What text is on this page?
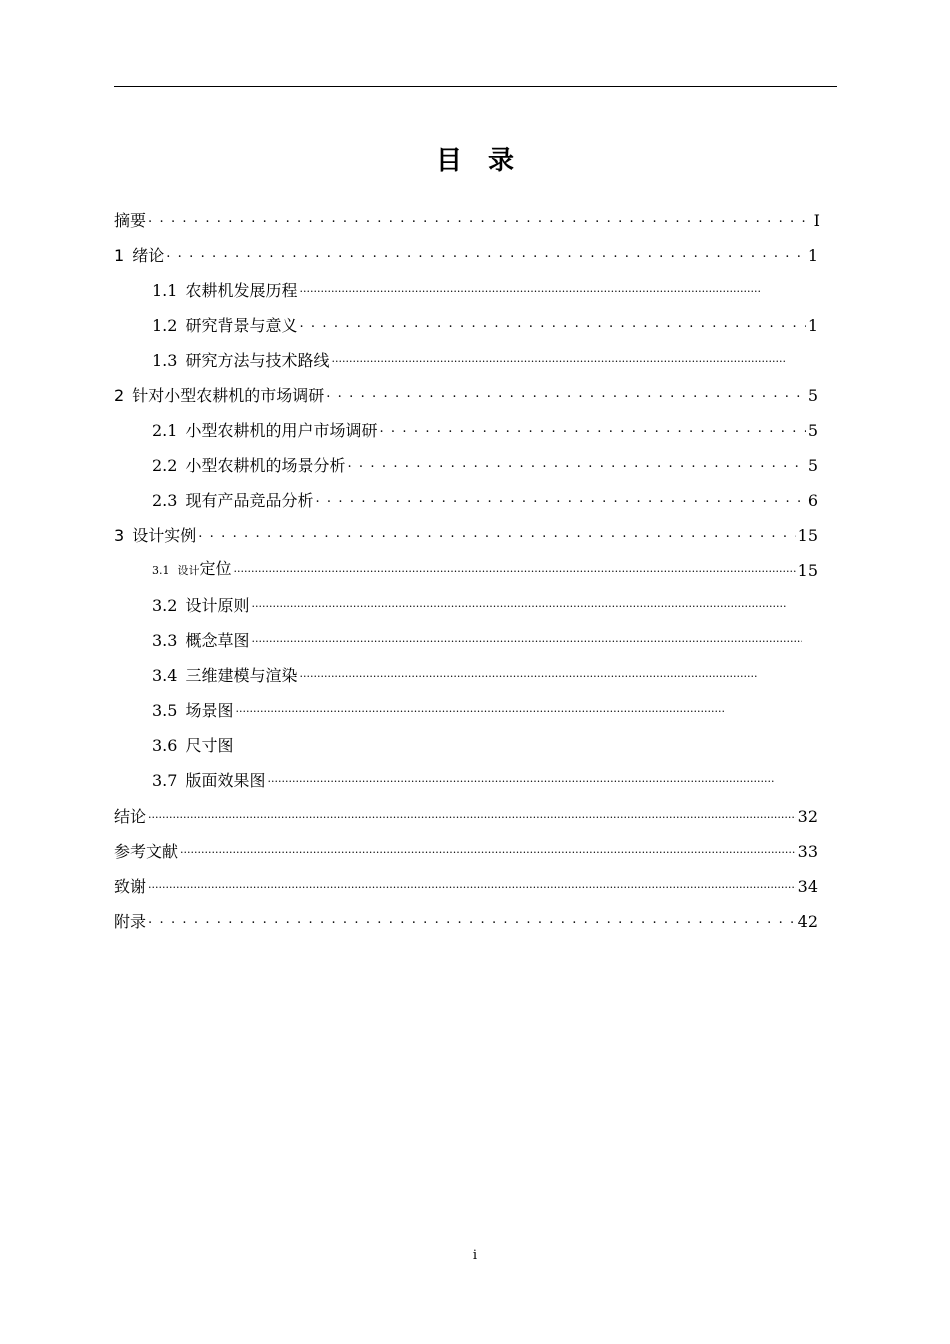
目 录
摘要 . . .	Ⅰ
1 绪论 . . .	1
1.1 农耕机发展历程
.....
1.2 研究背景与意义 . . .	1
1.3 研究方法与技术路线
.....
2 针对小型农耕机的市场调研 . . .	5
2.1 小型农耕机的用户市场调研 . . .	5
2.2 小型农耕机的场景分析 . . .	5
2.3 现有产品竞品分析 . . .	6
3 设计实例 . . .	15
3.1 设计定位 .....	15
3.2 设计原则
.....
3.3 概念草图
.....
3.4 三维建模与渲染
.....
3.5 场景图
.....
3.6 尺寸图
3.7 版面效果图
.....
结论 .....	32
参考文献 .....	33
致谢 .....	34
附录 . . .	42
i
